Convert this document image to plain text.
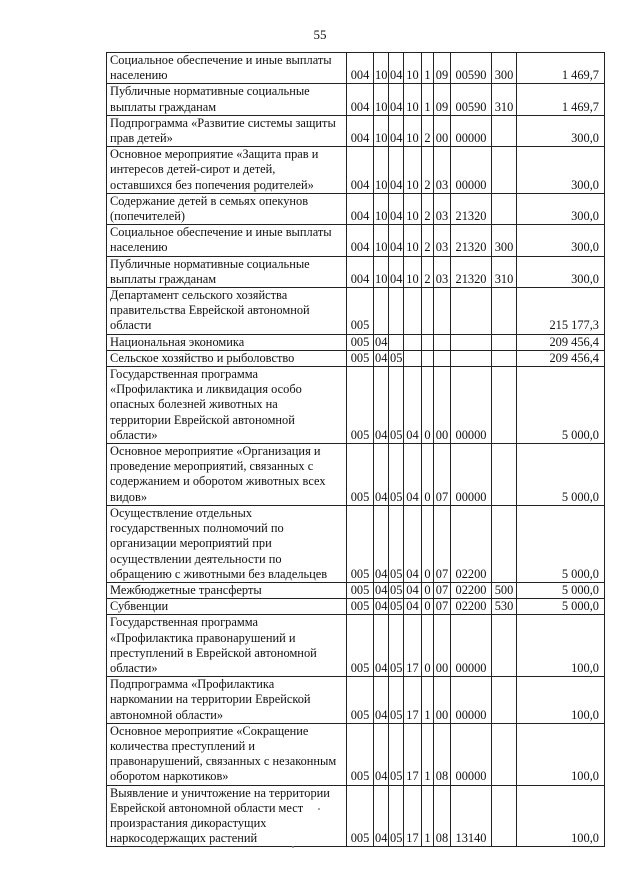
55
Социальное обеспечение и иные выплаты
населению	004	10	04	10	1	09	00590	300	1 469,7

Публичные нормативные социальные
выплаты гражданам	004	10	04	10	1	09	00590	310	1 469,7

Подпрограмма «Развитие системы защиты
прав детей»	004	10	04	10	2	00	00000		300,0

Основное мероприятие «Защита прав и
интересов детей-сирот и детей,
оставшихся без попечения родителей»	004	10	04	10	2	03	00000		300,0

Содержание детей в семьях опекунов
(попечителей)	004	10	04	10	2	03	21320		300,0

Социальное обеспечение и иные выплаты
населению	004	10	04	10	2	03	21320	300	300,0

Публичные нормативные социальные
выплаты гражданам	004	10	04	10	2	03	21320	310	300,0

Департамент сельского хозяйства
правительства Еврейской автономной
области	005								215 177,3

Национальная экономика	005	04							209 456,4

Сельское хозяйство и рыболовство	005	04	05						209 456,4

Государственная программа
«Профилактика и ликвидация особо
опасных болезней животных на
территории Еврейской автономной
области»	005	04	05	04	0	00	00000		5 000,0

Основное мероприятие «Организация и
проведение мероприятий, связанных с
содержанием и оборотом животных всех
видов»	005	04	05	04	0	07	00000		5 000,0

Осуществление отдельных
государственных полномочий по
организации мероприятий при
осуществлении деятельности по
обращению с животными без владельцев	005	04	05	04	0	07	02200		5 000,0

Межбюджетные трансферты	005	04	05	04	0	07	02200	500	5 000,0

Субвенции	005	04	05	04	0	07	02200	530	5 000,0

Государственная программа
«Профилактика правонарушений и
преступлений в Еврейской автономной
области»	005	04	05	17	0	00	00000		100,0

Подпрограмма «Профилактика
наркомании на территории Еврейской
автономной области»	005	04	05	17	1	00	00000		100,0

Основное мероприятие «Сокращение
количества преступлений и
правонарушений, связанных с незаконным
оборотом наркотиков»	005	04	05	17	1	08	00000		100,0

Выявление и уничтожение на территории
Еврейской автономной области мест
произрастания дикорастущих
наркосодержащих растений	005	04	05	17	1	08	13140		100,0
